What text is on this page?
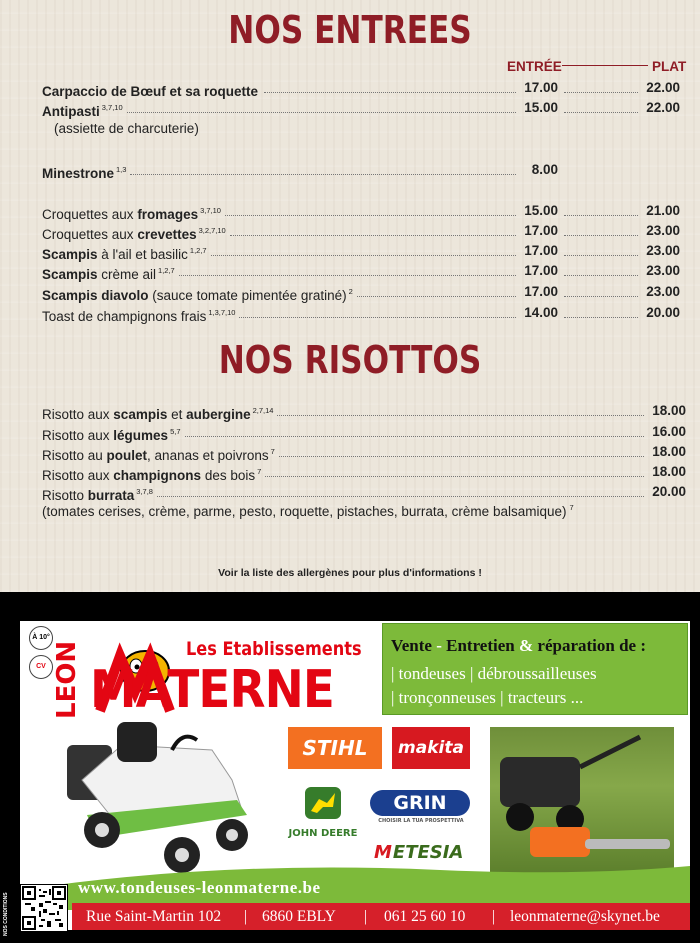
NOS ENTREES
ENTRÉE	PLAT
Carpaccio de Bœuf et sa roquette	17.00	22.00
Antipasti $^{3,7,10}$	15.00	22.00
Minestrone $^{1,3}$	8.00
Croquettes aux fromages $^{3,7,10}$	15.00	21.00
Croquettes aux crevettes $^{3,2,7,10}$	17.00	23.00
Scampis à l'ail et basilic $^{1,2,7}$	17.00	23.00
Scampis crème ail $^{1,2,7}$	17.00	23.00
Scampis diavolo (sauce tomate pimentée gratiné) $^2$	17.00	23.00
Toast de champignons frais $^{1,3,7,10}$	14.00	20.00
(assiette de charcuterie)
NOS RISOTTOS
Risotto aux scampis et aubergine $^{2,7,14}$	18.00
Risotto aux légumes $^{5,7}$	16.00
Risotto au poulet, ananas et poivrons $^7$	18.00
Risotto aux champignons des bois $^7$	18.00
Risotto burrata $^{3,7,8}$	20.00
(tomates cerises, crème, parme, pesto, roquette, pistaches, burrata, crème balsamique) $^7$
Voir la liste des allergènes pour plus d'informations !
À 10°
CV LEON	Les Etablissements
MATERNE
Vente - Entretien & réparation de :
| tondeuses | débroussailleuses
| tronçonneuses | tracteurs ...
STIHL	makita
JOHN DEERE
GRIN
CHOISIR LA TUA PROSPETTIVA
M ETESIA
www.tondeuses-leonmaterne.be
Rue Saint-Martin 102 | 6860 EBLY | 061 25 60 10 | leonmaterne@skynet.be
NOS CONDITIONS
